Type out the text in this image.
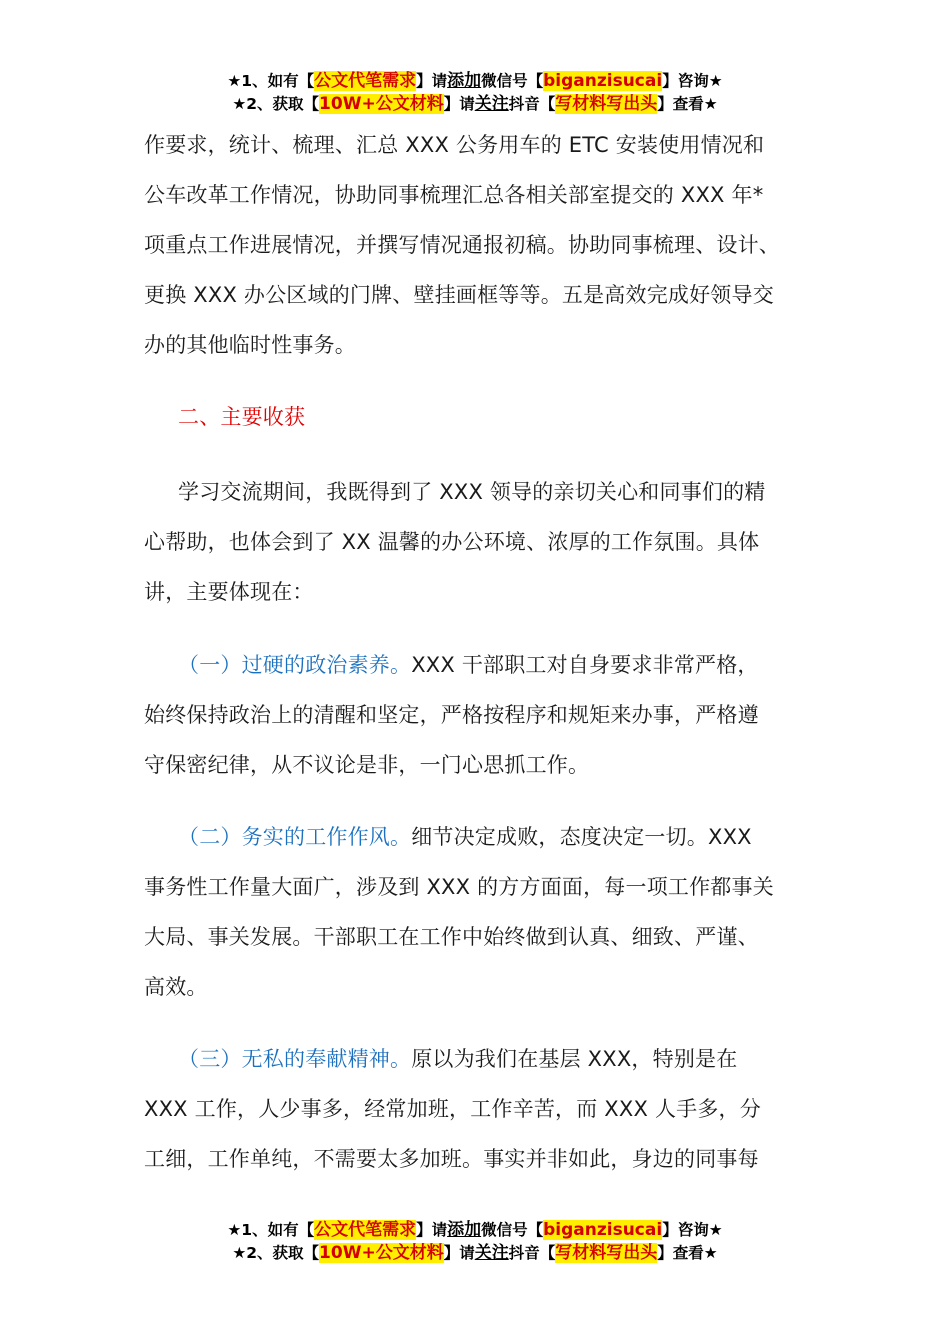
★1、如有【公文代笔需求】请添加微信号【biganzisucai】咨询★
★2、获取【10W+公文材料】请关注抖音【写材料写出头】查看★
作要求，统计、梳理、汇总 XXX 公务用车的 ETC 安装使用情况和
公车改革工作情况，协助同事梳理汇总各相关部室提交的 XXX 年*
项重点工作进展情况，并撰写情况通报初稿。协助同事梳理、设计、
更换 XXX 办公区域的门牌、壁挂画框等等。五是高效完成好领导交
办的其他临时性事务。
二、主要收获
学习交流期间，我既得到了 XXX 领导的亲切关心和同事们的精
心帮助，也体会到了 XX 温馨的办公环境、浓厚的工作氛围。具体
讲，主要体现在：
（一）过硬的政治素养。XXX 干部职工对自身要求非常严格，
始终保持政治上的清醒和坚定，严格按程序和规矩来办事，严格遵
守保密纪律，从不议论是非，一门心思抓工作。
（二）务实的工作作风。细节决定成败，态度决定一切。XXX
事务性工作量大面广，涉及到 XXX 的方方面面，每一项工作都事关
大局、事关发展。干部职工在工作中始终做到认真、细致、严谨、
高效。
（三）无私的奉献精神。原以为我们在基层 XXX，特别是在
XXX 工作，人少事多，经常加班，工作辛苦，而 XXX 人手多，分
工细，工作单纯，不需要太多加班。事实并非如此，身边的同事每
★1、如有【公文代笔需求】请添加微信号【biganzisucai】咨询★
★2、获取【10W+公文材料】请关注抖音【写材料写出头】查看★
